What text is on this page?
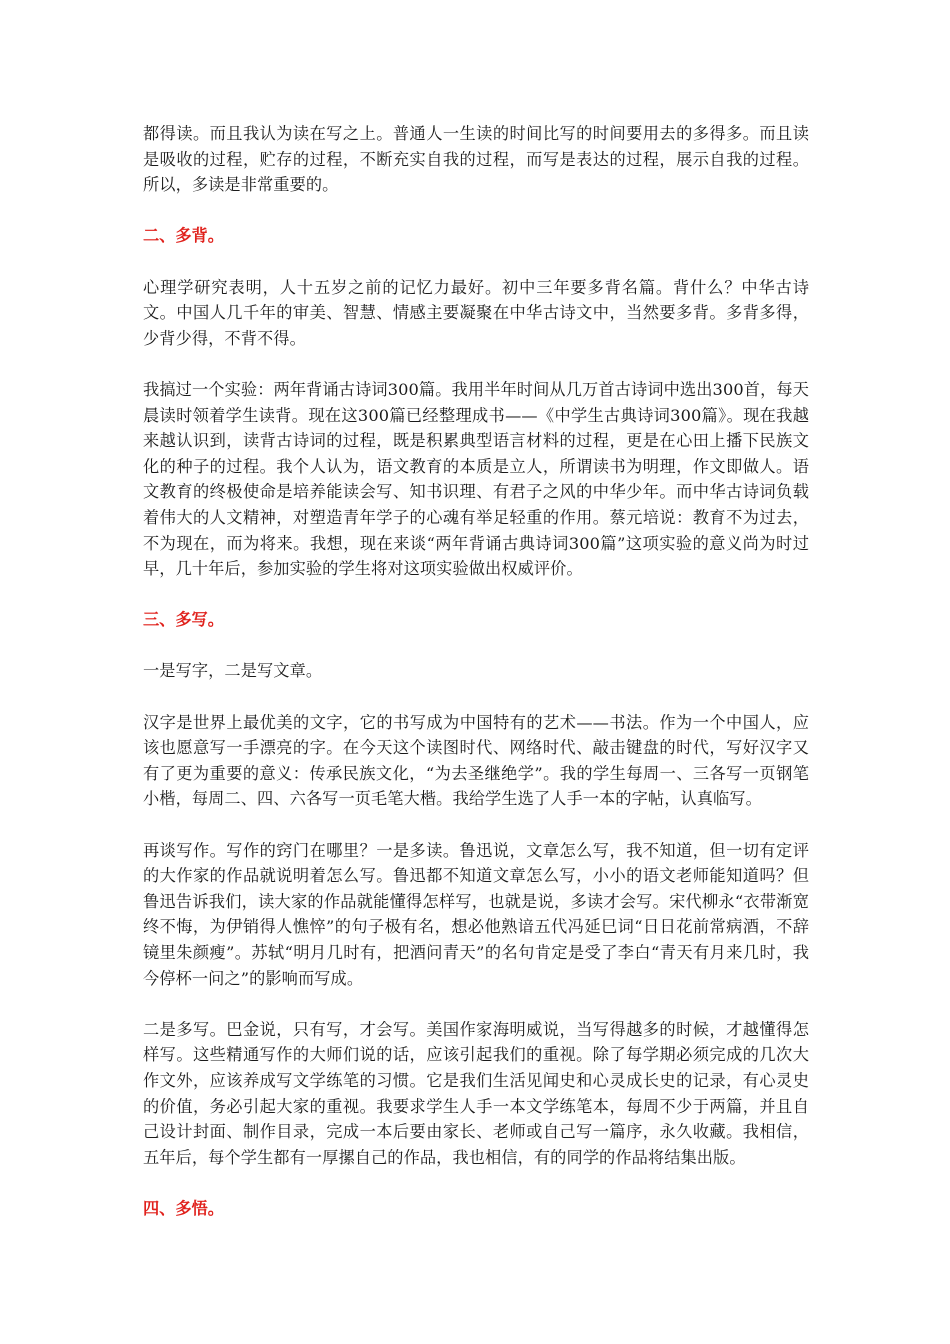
都得读。而且我认为读在写之上。普通人一生读的时间比写的时间要用去的多得多。而且读是吸收的过程，贮存的过程，不断充实自我的过程，而写是表达的过程，展示自我的过程。所以，多读是非常重要的。

二、多背。

心理学研究表明，人十五岁之前的记忆力最好。初中三年要多背名篇。背什么？中华古诗文。中国人几千年的审美、智慧、情感主要凝聚在中华古诗文中，当然要多背。多背多得，少背少得，不背不得。

我搞过一个实验：两年背诵古诗词300篇。我用半年时间从几万首古诗词中选出300首，每天晨读时领着学生读背。现在这300篇已经整理成书——《中学生古典诗词300篇》。现在我越来越认识到，读背古诗词的过程，既是积累典型语言材料的过程，更是在心田上播下民族文化的种子的过程。我个人认为，语文教育的本质是立人，所谓读书为明理，作文即做人。语文教育的终极使命是培养能读会写、知书识理、有君子之风的中华少年。而中华古诗词负载着伟大的人文精神，对塑造青年学子的心魂有举足轻重的作用。蔡元培说：教育不为过去，不为现在，而为将来。我想，现在来谈“两年背诵古典诗词300篇”这项实验的意义尚为时过早，几十年后，参加实验的学生将对这项实验做出权威评价。

三、多写。

一是写字，二是写文章。

汉字是世界上最优美的文字，它的书写成为中国特有的艺术——书法。作为一个中国人，应该也愿意写一手漂亮的字。在今天这个读图时代、网络时代、敲击键盘的时代，写好汉字又有了更为重要的意义：传承民族文化，“为去圣继绝学”。我的学生每周一、三各写一页钢笔小楷，每周二、四、六各写一页毛笔大楷。我给学生选了人手一本的字帖，认真临写。

再谈写作。写作的窍门在哪里？一是多读。鲁迅说，文章怎么写，我不知道，但一切有定评的大作家的作品就说明着怎么写。鲁迅都不知道文章怎么写，小小的语文老师能知道吗？但鲁迅告诉我们，读大家的作品就能懂得怎样写，也就是说，多读才会写。宋代柳永“衣带渐宽终不悔，为伊销得人憔悴”的句子极有名，想必他熟谙五代冯延巳词“日日花前常病酒，不辞镜里朱颜瘦”。苏轼“明月几时有，把酒问青天”的名句肯定是受了李白“青天有月来几时，我今停杯一问之”的影响而写成。

二是多写。巴金说，只有写，才会写。美国作家海明威说，当写得越多的时候，才越懂得怎样写。这些精通写作的大师们说的话，应该引起我们的重视。除了每学期必须完成的几次大作文外，应该养成写文学练笔的习惯。它是我们生活见闻史和心灵成长史的记录，有心灵史的价值，务必引起大家的重视。我要求学生人手一本文学练笔本，每周不少于两篇，并且自己设计封面、制作目录，完成一本后要由家长、老师或自己写一篇序，永久收藏。我相信，五年后，每个学生都有一厚摞自己的作品，我也相信，有的同学的作品将结集出版。

四、多悟。
